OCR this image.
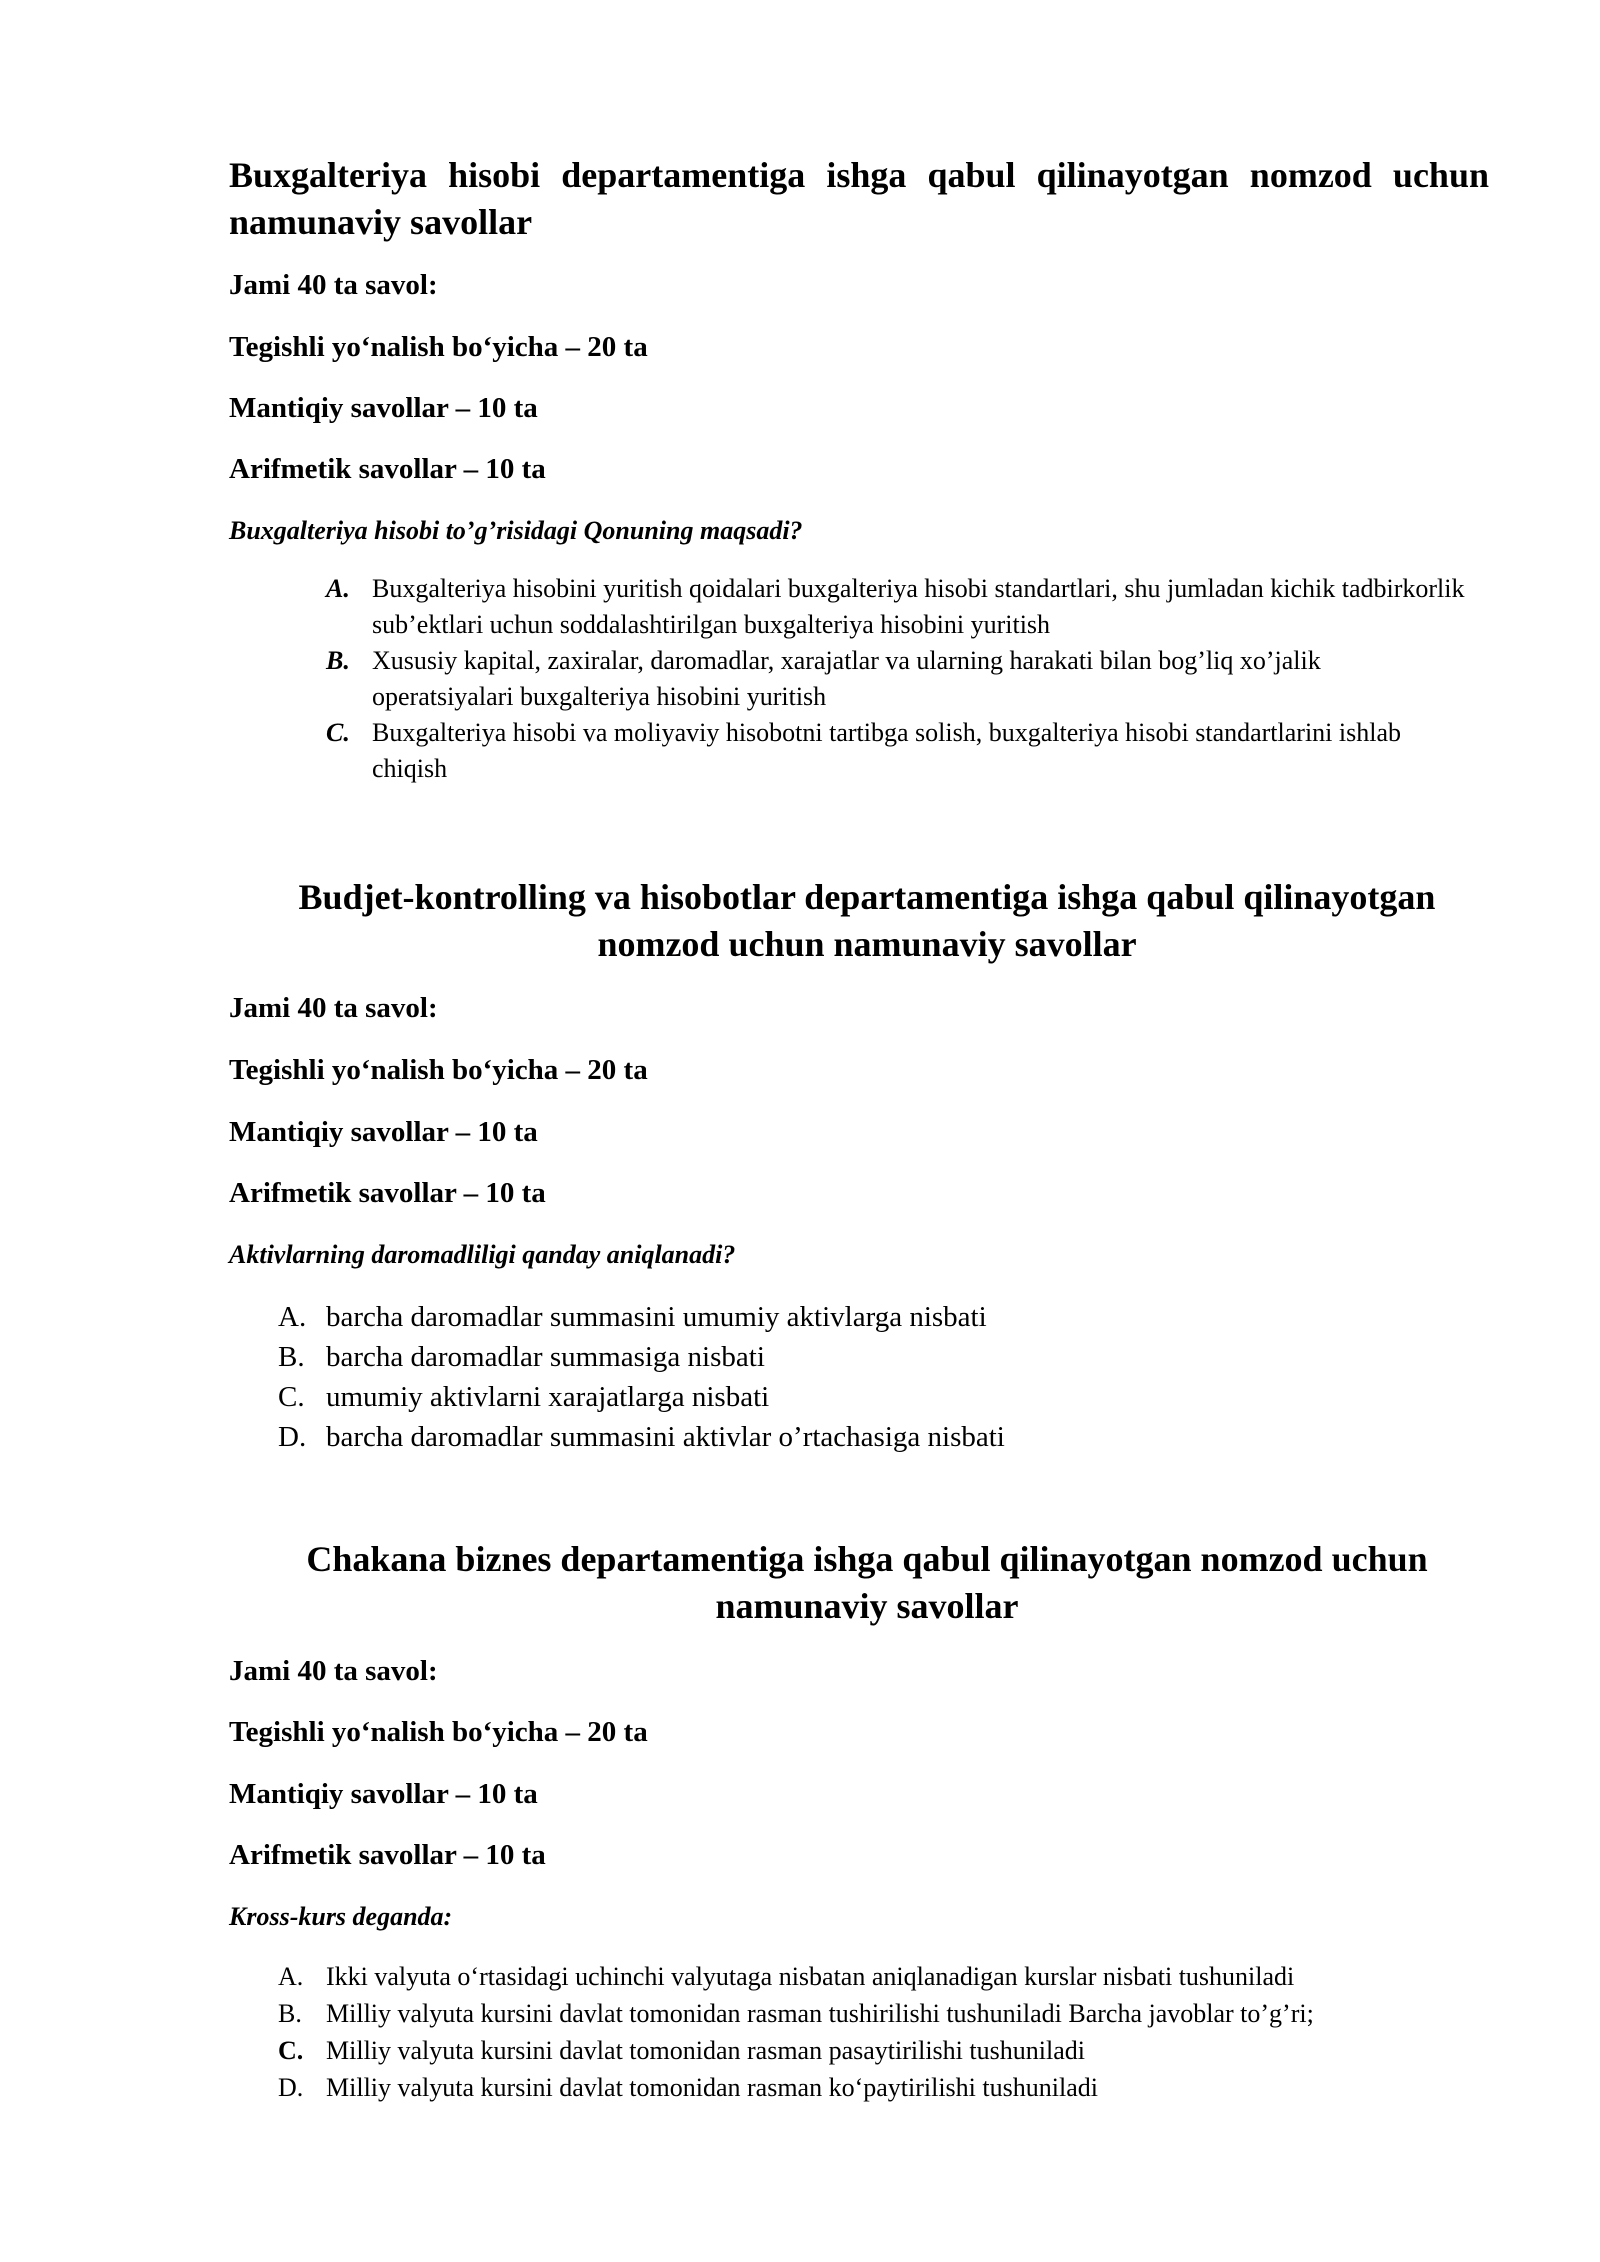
Buxgalteriya hisobi departamentiga ishga qabul qilinayotgan nomzod uchun namunaviy savollar

Jami 40 ta savol:

Tegishli yo‘nalish bo‘yicha – 20 ta

Mantiqiy savollar – 10 ta

Arifmetik savollar – 10 ta

Buxgalteriya hisobi to’g’risidagi Qonuning maqsadi?

A. Buxgalteriya hisobini yuritish qoidalari buxgalteriya hisobi standartlari, shu jumladan kichik tadbirkorlik sub’ektlari uchun soddalashtirilgan buxgalteriya hisobini yuritish
B. Xususiy kapital, zaxiralar, daromadlar, xarajatlar va ularning harakati bilan bog’liq xo’jalik operatsiyalari buxgalteriya hisobini yuritish
C. Buxgalteriya hisobi va moliyaviy hisobotni tartibga solish, buxgalteriya hisobi standartlarini ishlab chiqish
Budjet-kontrolling va hisobotlar departamentiga ishga qabul qilinayotgan nomzod uchun namunaviy savollar

Jami 40 ta savol:

Tegishli yo‘nalish bo‘yicha – 20 ta

Mantiqiy savollar – 10 ta

Arifmetik savollar – 10 ta

Aktivlarning daromadliligi qanday aniqlanadi?

A. barcha daromadlar summasini umumiy aktivlarga nisbati
B. barcha daromadlar summasiga nisbati
C. umumiy aktivlarni xarajatlarga nisbati
D. barcha daromadlar summasini aktivlar o’rtachasiga nisbati
Chakana biznes departamentiga ishga qabul qilinayotgan nomzod uchun namunaviy savollar

Jami 40 ta savol:

Tegishli yo‘nalish bo‘yicha – 20 ta

Mantiqiy savollar – 10 ta

Arifmetik savollar – 10 ta

Kross-kurs deganda:

A. Ikki valyuta o‘rtasidagi uchinchi valyutaga nisbatan aniqlanadigan kurslar nisbati tushuniladi
B. Milliy valyuta kursini davlat tomonidan rasman tushirilishi tushuniladi Barcha javoblar to’g’ri;
C. Milliy valyuta kursini davlat tomonidan rasman pasaytirilishi tushuniladi
D. Milliy valyuta kursini davlat tomonidan rasman ko‘paytirilishi tushuniladi
